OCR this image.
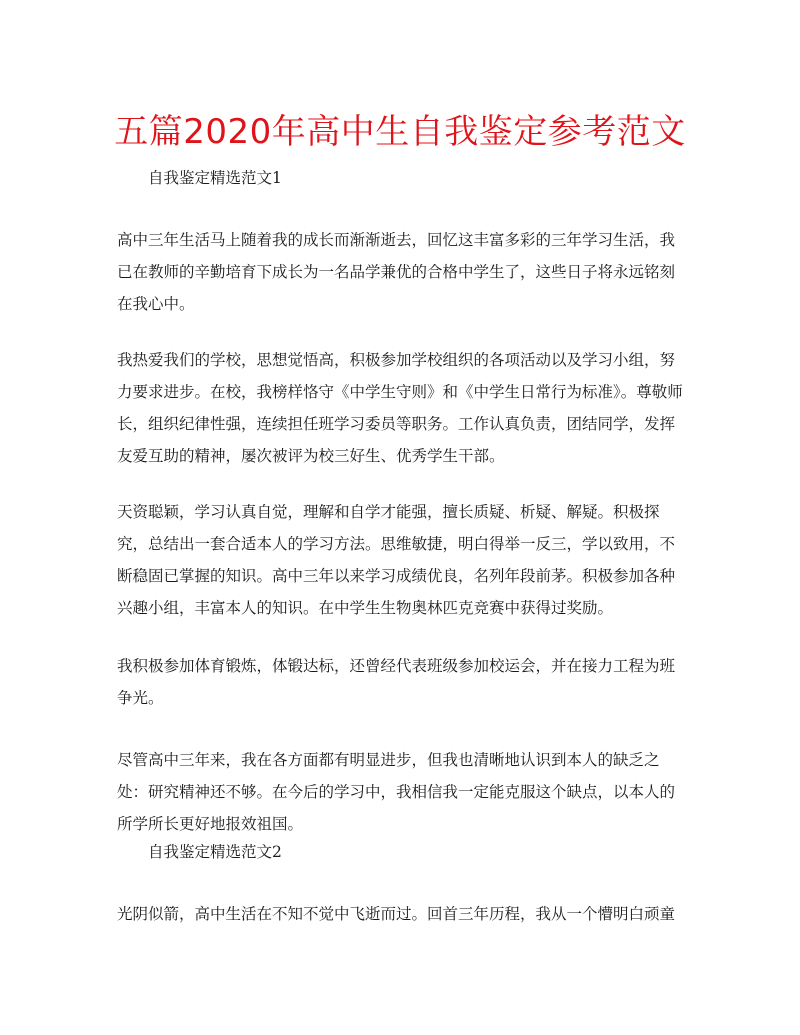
五篇2020年高中生自我鉴定参考范文
自我鉴定精选范文1

高中三年生活马上随着我的成长而渐渐逝去，回忆这丰富多彩的三年学习生活，我已在教师的辛勤培育下成长为一名品学兼优的合格中学生了，这些日子将永远铭刻在我心中。

我热爱我们的学校，思想觉悟高，积极参加学校组织的各项活动以及学习小组，努力要求进步。在校，我榜样恪守《中学生守则》和《中学生日常行为标准》。尊敬师长，组织纪律性强，连续担任班学习委员等职务。工作认真负责，团结同学，发挥友爱互助的精神，屡次被评为校三好生、优秀学生干部。

天资聪颖，学习认真自觉，理解和自学才能强，擅长质疑、析疑、解疑。积极探究，总结出一套合适本人的学习方法。思维敏捷，明白得举一反三，学以致用，不断稳固已掌握的知识。高中三年以来学习成绩优良，名列年段前茅。积极参加各种兴趣小组，丰富本人的知识。在中学生生物奥林匹克竞赛中获得过奖励。

我积极参加体育锻炼，体锻达标，还曾经代表班级参加校运会，并在接力工程为班争光。

尽管高中三年来，我在各方面都有明显进步，但我也清晰地认识到本人的缺乏之处：研究精神还不够。在今后的学习中，我相信我一定能克服这个缺点，以本人的所学所长更好地报效祖国。

自我鉴定精选范文2

光阴似箭，高中生活在不知不觉中飞逝而过。回首三年历程，我从一个懵明白顽童
